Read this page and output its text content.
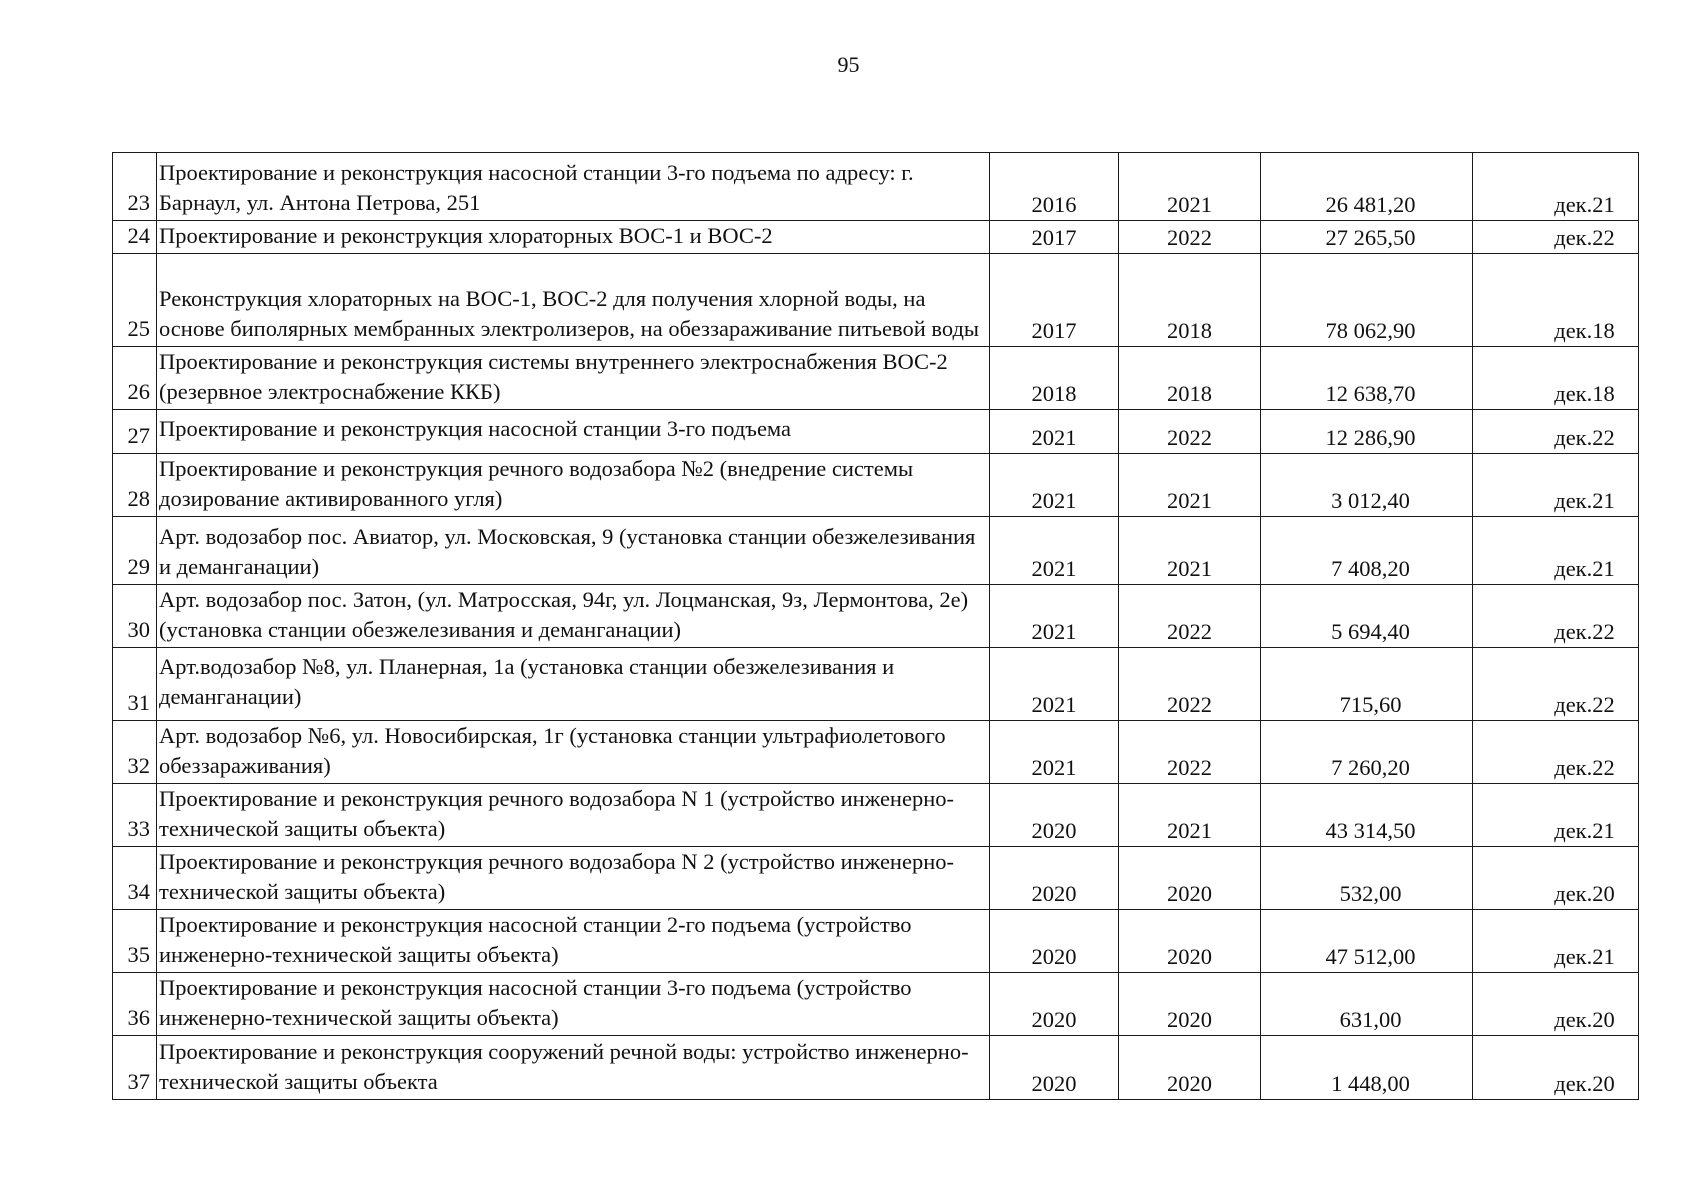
95
23	Проектирование и реконструкция насосной станции 3-го подъема по адресу: г. Барнаул, ул. Антона Петрова, 251	2016	2021	26 481,20	дек.21
24	Проектирование и реконструкция хлораторных ВОС-1 и ВОС-2	2017	2022	27 265,50	дек.22
25	Реконструкция хлораторных на ВОС-1, ВОС-2 для получения хлорной воды, на основе биполярных мембранных электролизеров, на обеззараживание питьевой воды	2017	2018	78 062,90	дек.18
26	Проектирование и реконструкция системы внутреннего электроснабжения ВОС-2 (резервное электроснабжение ККБ)	2018	2018	12 638,70	дек.18
27	Проектирование и реконструкция насосной станции 3-го подъема	2021	2022	12 286,90	дек.22
28	Проектирование и реконструкция речного водозабора №2 (внедрение системы дозирование активированного угля)	2021	2021	3 012,40	дек.21
29	Арт. водозабор пос. Авиатор, ул. Московская, 9 (установка станции обезжелезивания и деманганации)	2021	2021	7 408,20	дек.21
30	Арт. водозабор пос. Затон, (ул. Матросская, 94г, ул. Лоцманская, 9з, Лермонтова, 2е) (установка станции обезжелезивания и деманганации)	2021	2022	5 694,40	дек.22
31	Арт.водозабор №8, ул. Планерная, 1а (установка станции обезжелезивания и деманганации)	2021	2022	715,60	дек.22
32	Арт. водозабор №6, ул. Новосибирская, 1г (установка станции ультрафиолетового обеззараживания)	2021	2022	7 260,20	дек.22
33	Проектирование и реконструкция речного водозабора N 1 (устройство инженерно-технической защиты объекта)	2020	2021	43 314,50	дек.21
34	Проектирование и реконструкция речного водозабора N 2 (устройство инженерно-технической защиты объекта)	2020	2020	532,00	дек.20
35	Проектирование и реконструкция насосной станции 2-го подъема (устройство инженерно-технической защиты объекта)	2020	2020	47 512,00	дек.21
36	Проектирование и реконструкция насосной станции 3-го подъема (устройство инженерно-технической защиты объекта)	2020	2020	631,00	дек.20
37	Проектирование и реконструкция сооружений речной воды: устройство инженерно-технической защиты объекта	2020	2020	1 448,00	дек.20
